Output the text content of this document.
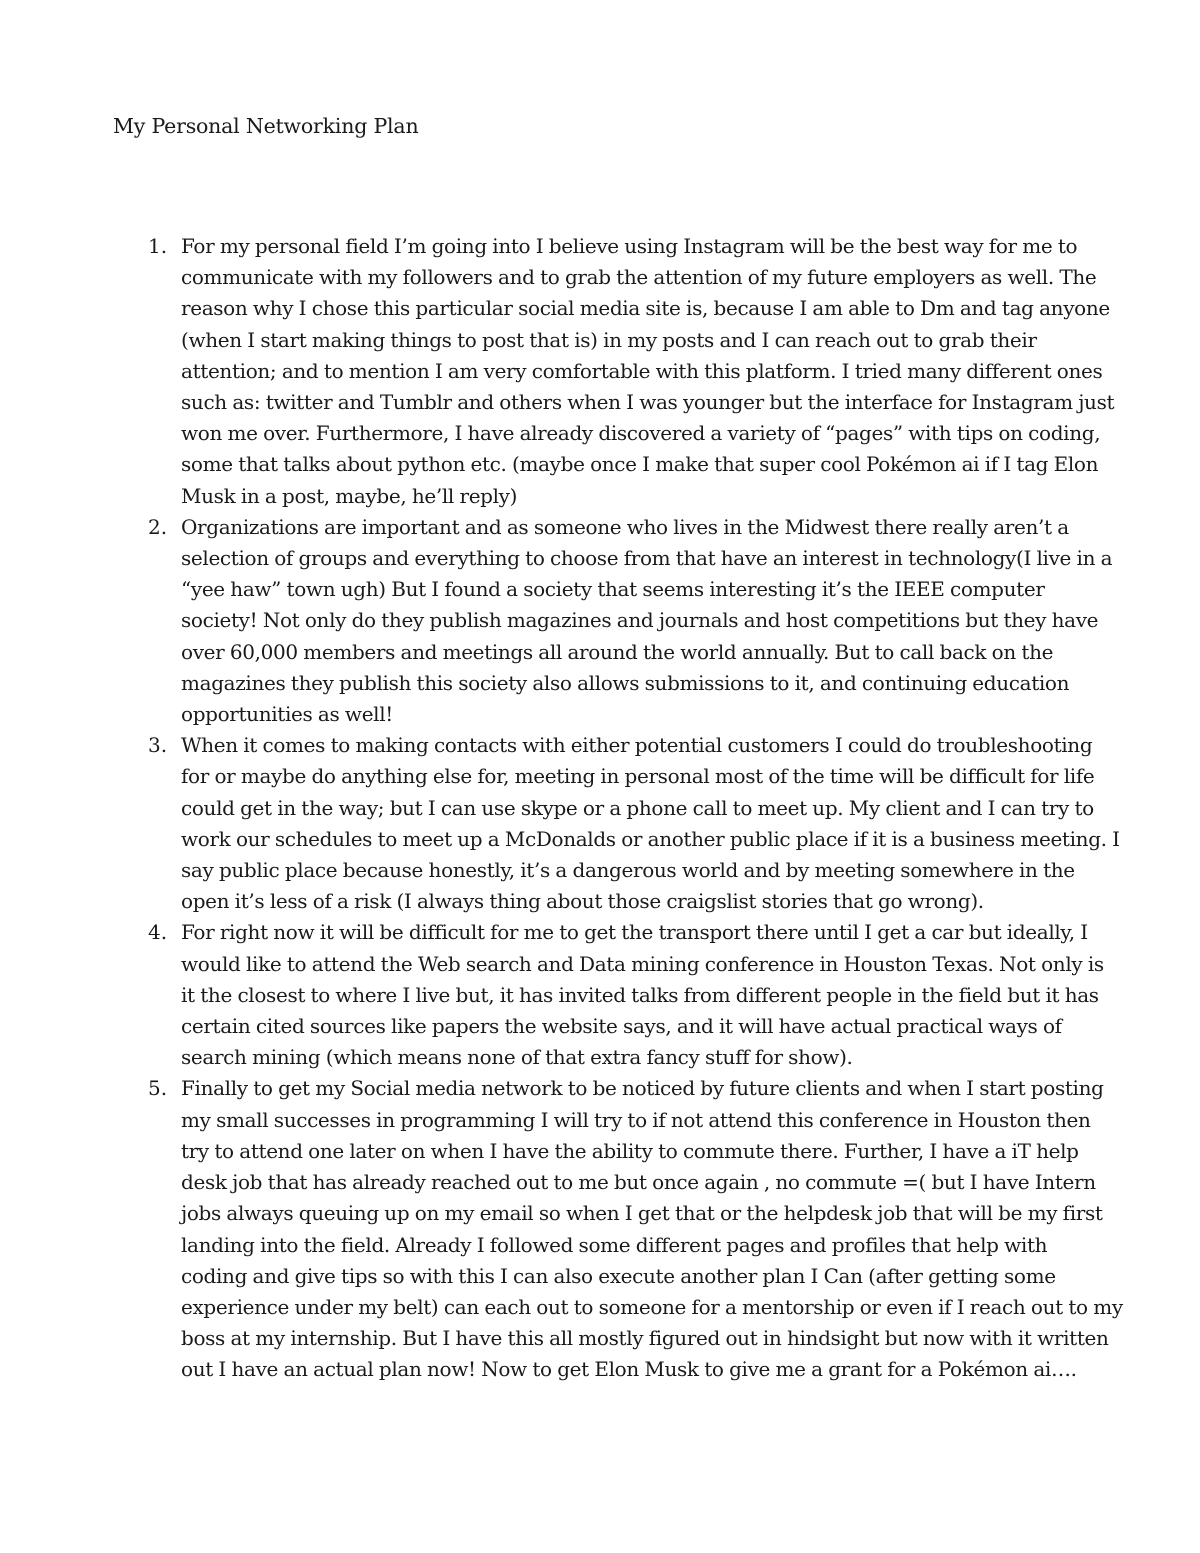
My Personal Networking Plan
1. For my personal field I’m going into I believe using Instagram will be the best way for me to
communicate with my followers and to grab the attention of my future employers as well. The
reason why I chose this particular social media site is, because I am able to Dm and tag anyone
(when I start making things to post that is) in my posts and I can reach out to grab their
attention; and to mention I am very comfortable with this platform. I tried many different ones
such as: twitter and Tumblr and others when I was younger but the interface for Instagram just
won me over. Furthermore, I have already discovered a variety of “pages” with tips on coding,
some that talks about python etc. (maybe once I make that super cool Pokémon ai if I tag Elon
Musk in a post, maybe, he’ll reply)
2. Organizations are important and as someone who lives in the Midwest there really aren’t a
selection of groups and everything to choose from that have an interest in technology(I live in a
“yee haw” town ugh) But I found a society that seems interesting it’s the IEEE computer
society! Not only do they publish magazines and journals and host competitions but they have
over 60,000 members and meetings all around the world annually. But to call back on the
magazines they publish this society also allows submissions to it, and continuing education
opportunities as well!
3. When it comes to making contacts with either potential customers I could do troubleshooting
for or maybe do anything else for, meeting in personal most of the time will be difficult for life
could get in the way; but I can use skype or a phone call to meet up. My client and I can try to
work our schedules to meet up a McDonalds or another public place if it is a business meeting. I
say public place because honestly, it’s a dangerous world and by meeting somewhere in the
open it’s less of a risk (I always thing about those craigslist stories that go wrong).
4. For right now it will be difficult for me to get the transport there until I get a car but ideally, I
would like to attend the Web search and Data mining conference in Houston Texas. Not only is
it the closest to where I live but, it has invited talks from different people in the field but it has
certain cited sources like papers the website says, and it will have actual practical ways of
search mining (which means none of that extra fancy stuff for show).
5. Finally to get my Social media network to be noticed by future clients and when I start posting
my small successes in programming I will try to if not attend this conference in Houston then
try to attend one later on when I have the ability to commute there. Further, I have a iT help
desk job that has already reached out to me but once again , no commute =( but I have Intern
jobs always queuing up on my email so when I get that or the helpdesk job that will be my first
landing into the field. Already I followed some different pages and profiles that help with
coding and give tips so with this I can also execute another plan I Can (after getting some
experience under my belt) can each out to someone for a mentorship or even if I reach out to my
boss at my internship. But I have this all mostly figured out in hindsight but now with it written
out I have an actual plan now! Now to get Elon Musk to give me a grant for a Pokémon ai….
